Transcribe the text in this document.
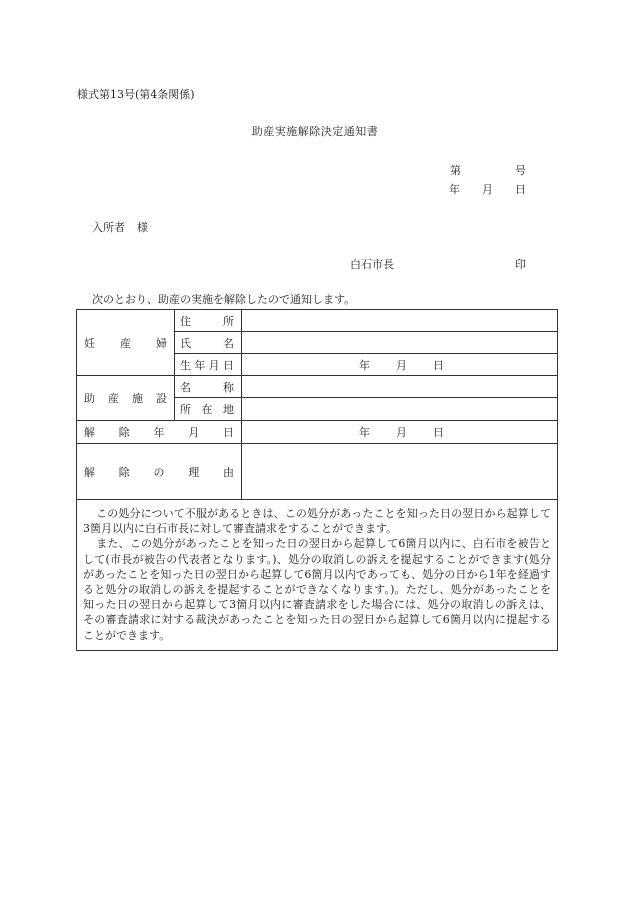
様式第13号(第4条関係)
助産実施解除決定通知書
第	号
年 月 日
入所者 様
白石市長	印
次のとおり、助産の実施を解除したので通知します。
妊 産 婦	住 所	

	氏 名	

	生 年 月 日	年 月 日

助 産 施 設	名 称	

	所 在 地	

解 除 年 月 日		年 月 日

解 除 の 理 由		

この処分について不服があるときは、この処分があったことを知った日の翌日から起算して3箇月以内に白石市長に対して審査請求をすることができます。

また、この処分があったことを知った日の翌日から起算して6箇月以内に、白石市を被告として(市長が被告の代表者となります。)、処分の取消しの訴えを提起することができます(処分があったことを知った日の翌日から起算して6箇月以内であっても、処分の日から1年を経過すると処分の取消しの訴えを提起することができなくなります。)。ただし、処分があったことを知った日の翌日から起算して3箇月以内に審査請求をした場合には、処分の取消しの訴えは、その審査請求に対する裁決があったことを知った日の翌日から起算して6箇月以内に提起することができます。		
